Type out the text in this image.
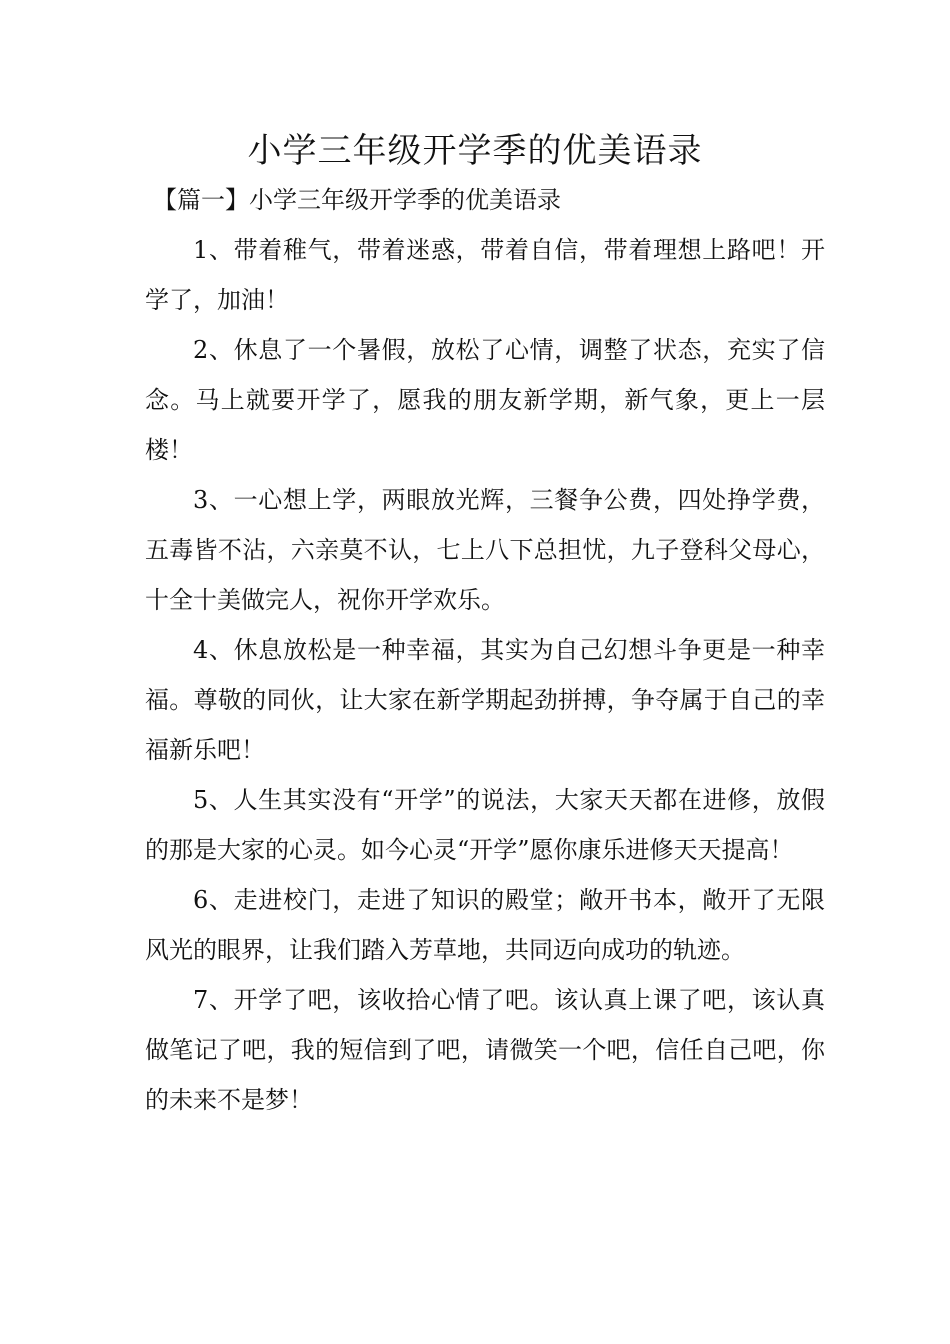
小学三年级开学季的优美语录
【篇一】小学三年级开学季的优美语录

1、带着稚气，带着迷惑，带着自信，带着理想上路吧！开学了，加油！

2、休息了一个暑假，放松了心情，调整了状态，充实了信念。马上就要开学了，愿我的朋友新学期，新气象，更上一层楼！

3、一心想上学，两眼放光辉，三餐争公费，四处挣学费，五毒皆不沾，六亲莫不认，七上八下总担忧，九子登科父母心，十全十美做完人，祝你开学欢乐。

4、休息放松是一种幸福，其实为自己幻想斗争更是一种幸福。尊敬的同伙，让大家在新学期起劲拼搏，争夺属于自己的幸福新乐吧！

5、人生其实没有“开学”的说法，大家天天都在进修，放假的那是大家的心灵。如今心灵“开学”愿你康乐进修天天提高！

6、走进校门，走进了知识的殿堂；敞开书本，敞开了无限风光的眼界，让我们踏入芳草地，共同迈向成功的轨迹。

7、开学了吧，该收拾心情了吧。该认真上课了吧，该认真做笔记了吧，我的短信到了吧，请微笑一个吧，信任自己吧，你的未来不是梦！
